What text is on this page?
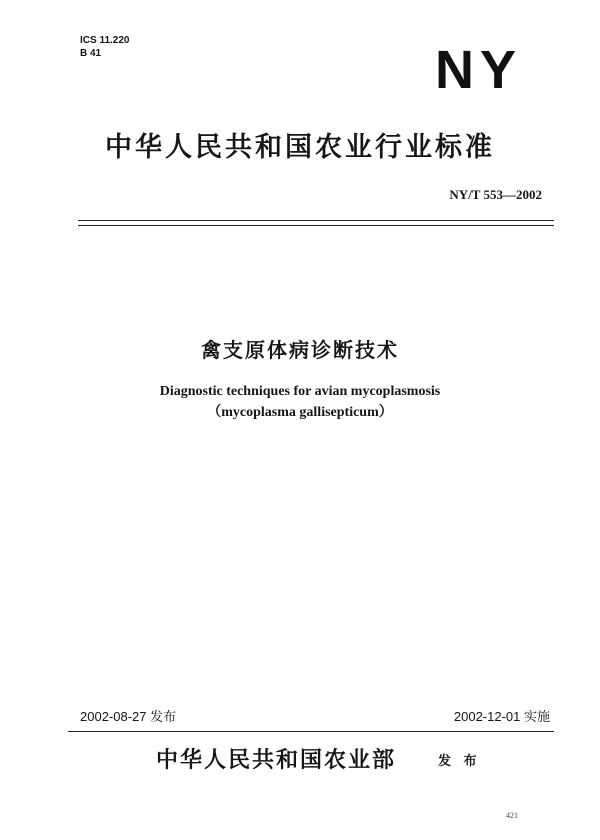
ICS 11.220
B 41	NY
中华人民共和国农业行业标准
NY/T 553—2002
禽支原体病诊断技术
Diagnostic techniques for avian mycoplasmosis
（mycoplasma gallisepticum）
2002-08-27 发布	2002-12-01 实施
中华人民共和国农业部	发 布
421
